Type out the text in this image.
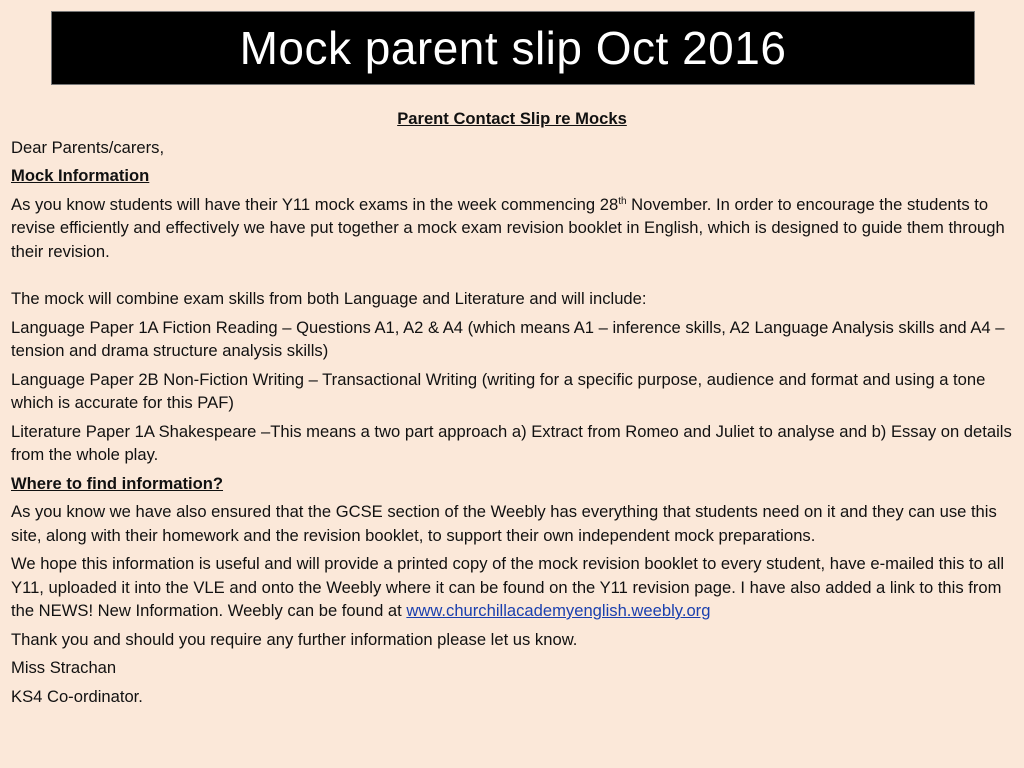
Mock parent slip Oct 2016

Parent Contact Slip re Mocks

Dear Parents/carers,

Mock Information

As you know students will have their Y11 mock exams in the week commencing 28th November. In order to encourage the students to revise efficiently and effectively we have put together a mock exam revision booklet in English, which is designed to guide them through their revision.

The mock will combine exam skills from both Language and Literature and will include:

Language Paper 1A Fiction Reading – Questions A1, A2 & A4 (which means A1 – inference skills, A2 Language Analysis skills and A4 – tension and drama structure analysis skills)

Language Paper 2B Non-Fiction Writing – Transactional Writing (writing for a specific purpose, audience and format and using a tone which is accurate for this PAF)

Literature Paper 1A Shakespeare –This means a two part approach a) Extract from Romeo and Juliet to analyse and b) Essay on details from the whole play.

Where to find information?

As you know we have also ensured that the GCSE section of the Weebly has everything that students need on it and they can use this site, along with their homework and the revision booklet, to support their own independent mock preparations.

We hope this information is useful and will provide a printed copy of the mock revision booklet to every student, have e-mailed this to all Y11, uploaded it into the VLE and onto the Weebly where it can be found on the Y11 revision page. I have also added a link to this from the NEWS! New Information. Weebly can be found at www.churchillacademyenglish.weebly.org

Thank you and should you require any further information please let us know.

Miss Strachan

KS4 Co-ordinator.
